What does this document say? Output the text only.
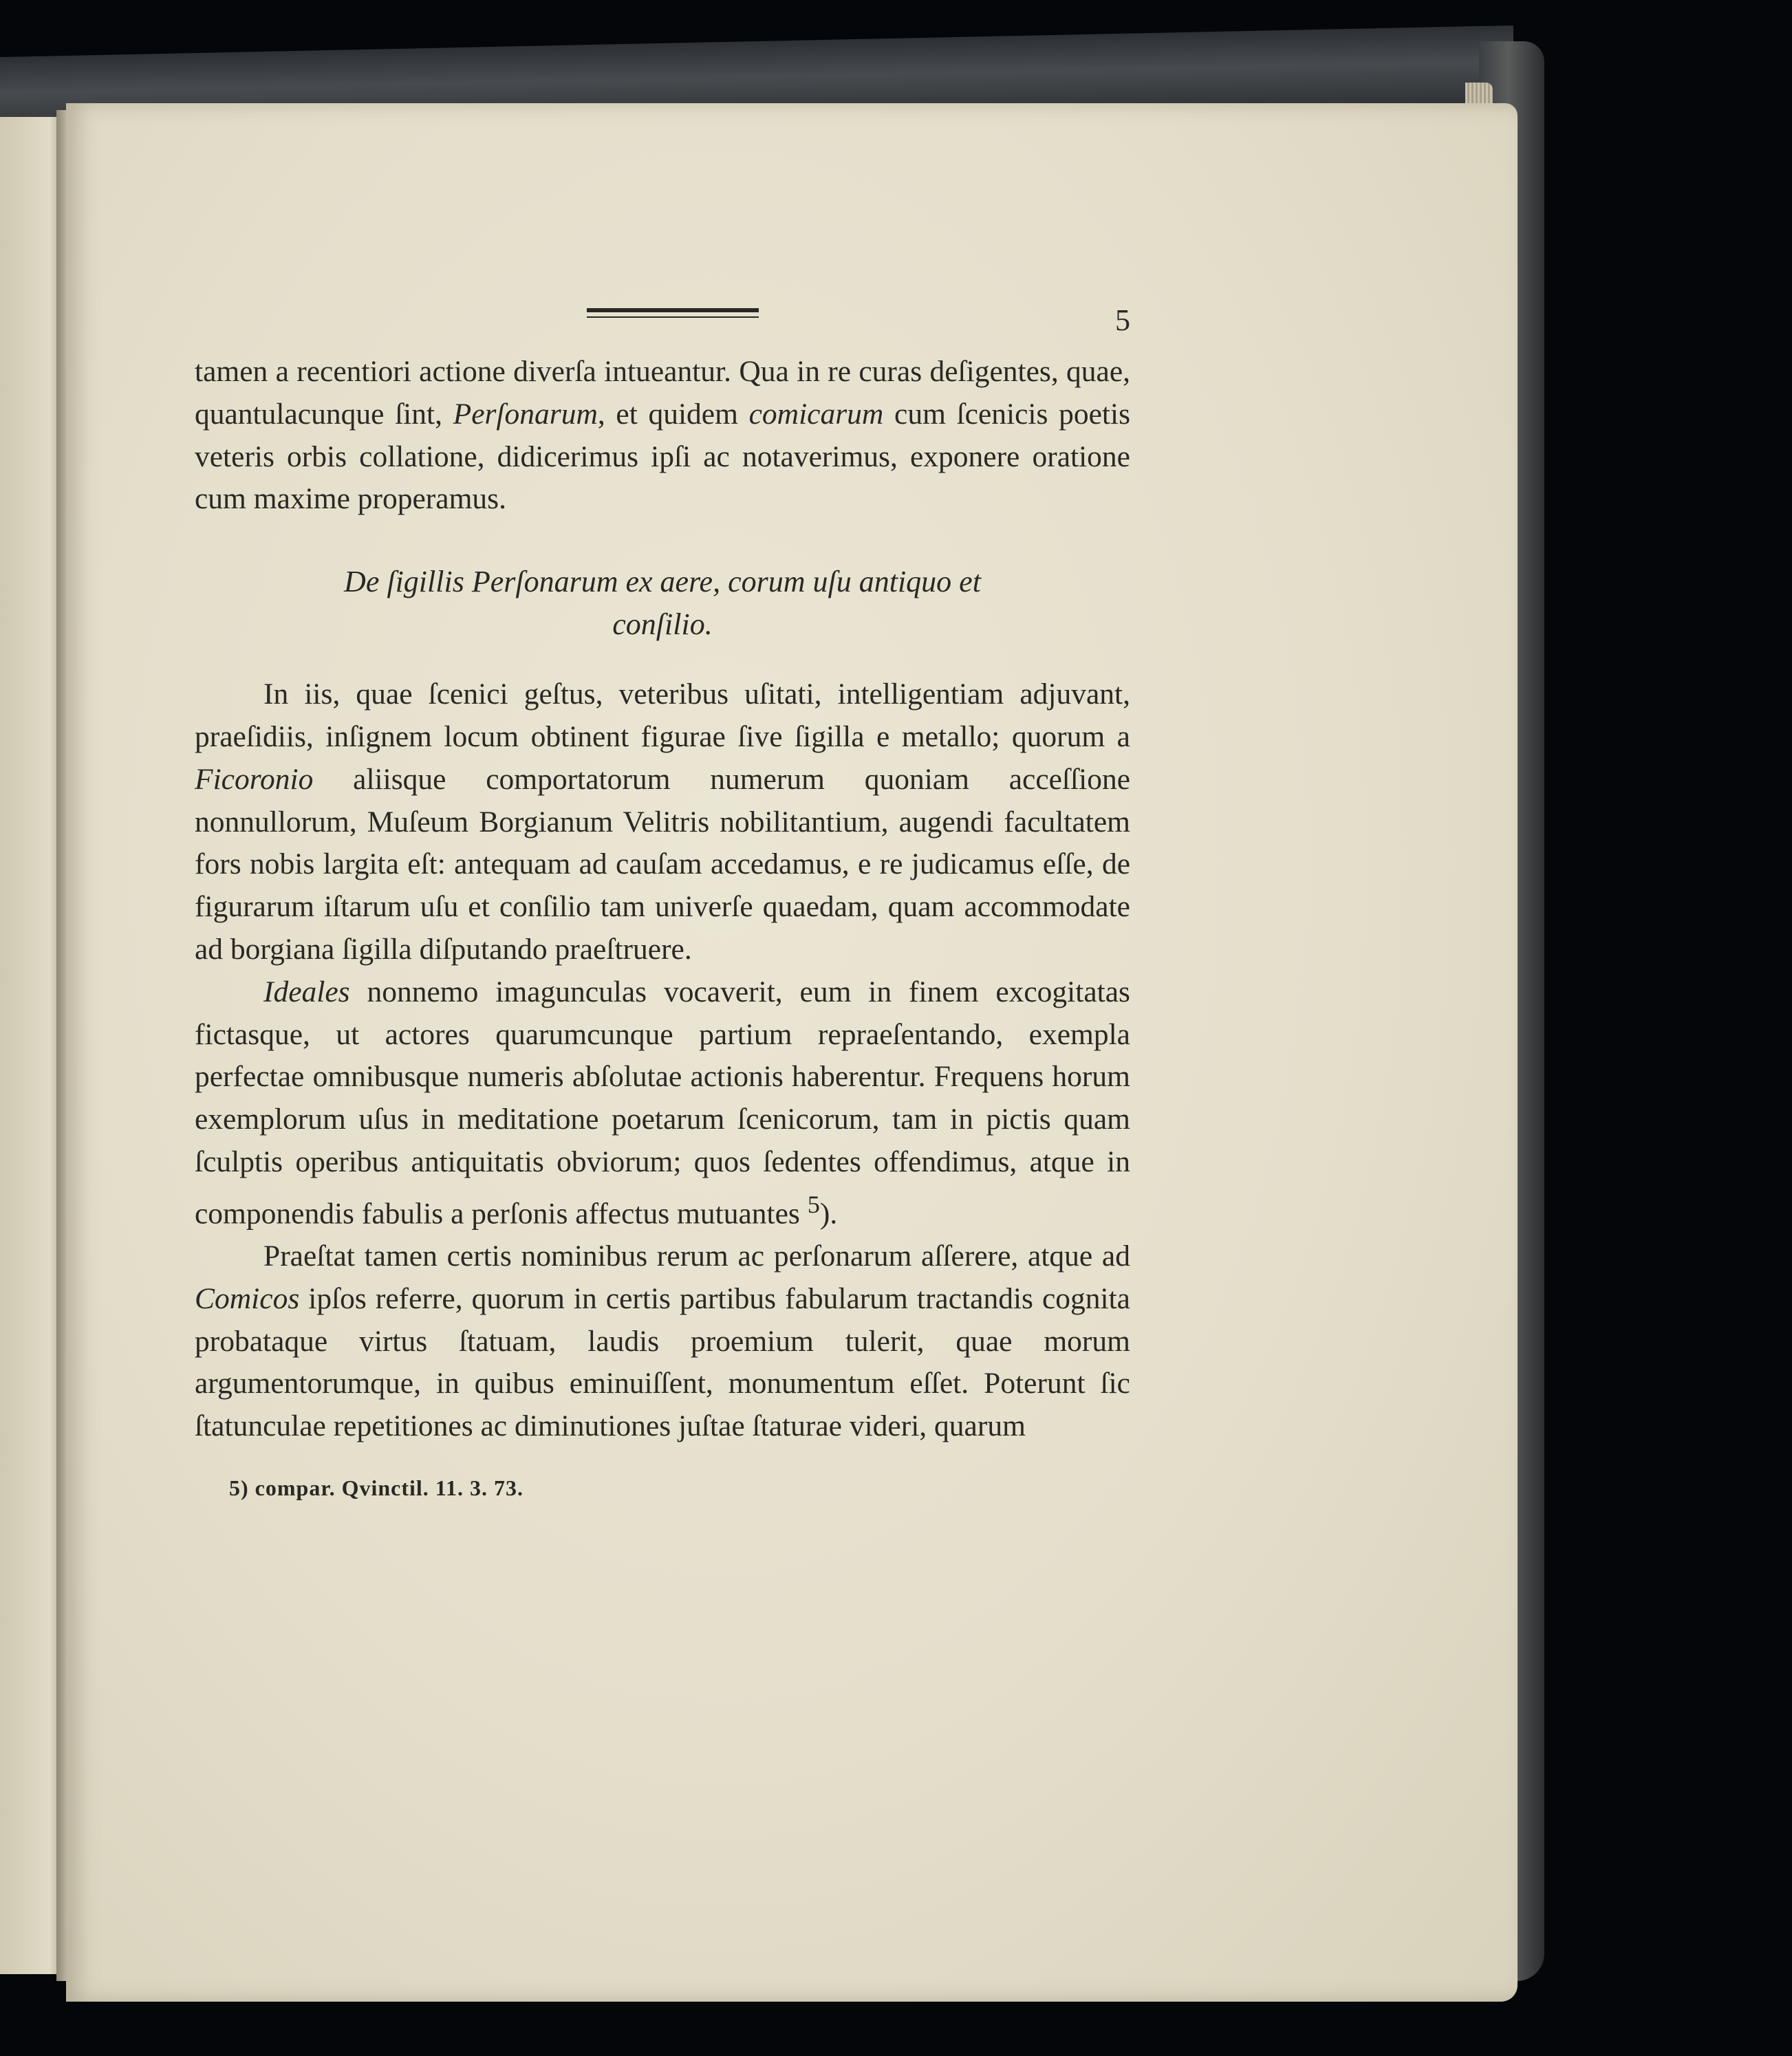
5

tamen a recentiori actione diverſa intueantur. Qua in re curas deſigentes, quae, quantulacunque ſint, Perſonarum, et quidem comicarum cum ſcenicis poetis veteris orbis collatione, didicerimus ipſi ac notaverimus, exponere oratione cum maxime properamus.

De ſigillis Perſonarum ex aere, corum uſu antiquo et
conſilio.

In iis, quae ſcenici geſtus, veteribus uſitati, intelligentiam adjuvant, praeſidiis, inſignem locum obtinent figurae ſive ſigilla e metallo; quorum a Ficoronio aliisque comportatorum numerum quoniam acceſſione nonnullorum, Muſeum Borgianum Velitris nobilitantium, augendi facultatem fors nobis largita eſt: antequam ad cauſam accedamus, e re judicamus eſſe, de figurarum iſtarum uſu et conſilio tam univerſe quaedam, quam accommodate ad borgiana ſigilla diſputando praeſtruere.

Ideales nonnemo imagunculas vocaverit, eum in finem excogitatas fictasque, ut actores quarumcunque partium repraeſentando, exempla perfectae omnibusque numeris abſolutae actionis haberentur. Frequens horum exemplorum uſus in meditatione poetarum ſcenicorum, tam in pictis quam ſculptis operibus antiquitatis obviorum; quos ſedentes offendimus, atque in componendis fabulis a perſonis affectus mutuantes $^5$).

Praeſtat tamen certis nominibus rerum ac perſonarum aſſerere, atque ad Comicos ipſos referre, quorum in certis partibus fabularum tractandis cognita probataque virtus ſtatuam, laudis proemium tulerit, quae morum argumentorumque, in quibus eminuiſſent, monumentum eſſet. Poterunt ſic ſtatunculae repetitiones ac diminutiones juſtae ſtaturae videri, quarum

5) compar. Qvinctil. 11. 3. 73.
